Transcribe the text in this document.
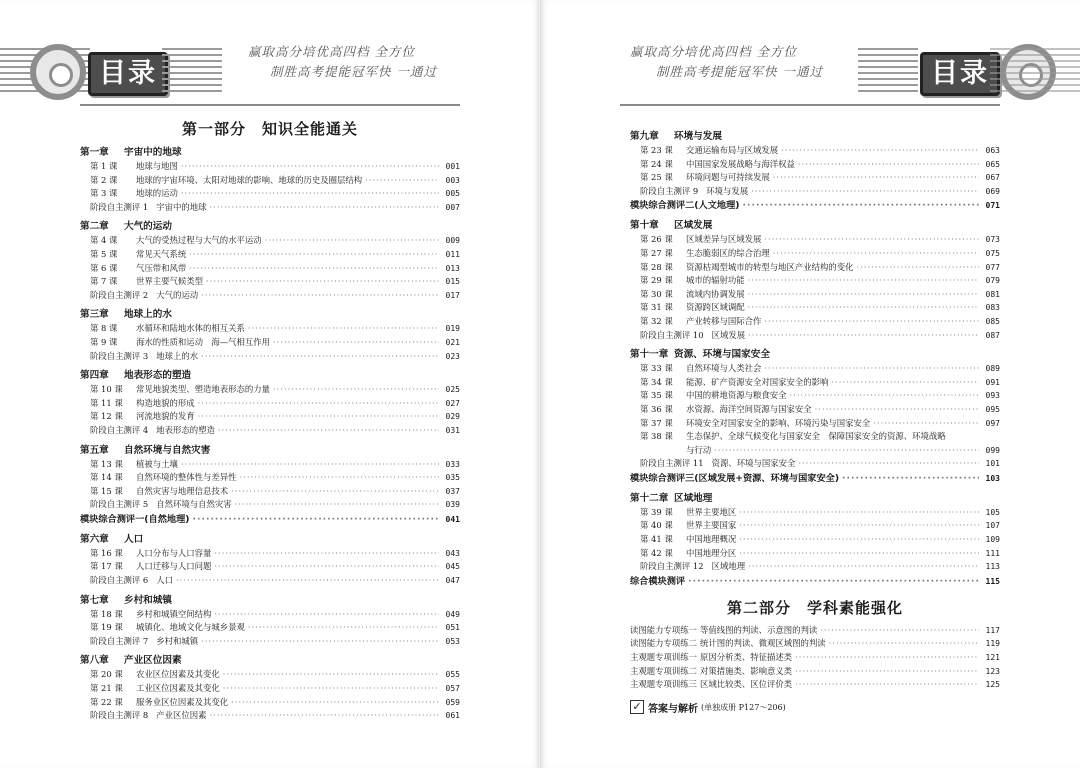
目录
赢取高分培优高四档 全方位
制胜高考提能冠军快 一通过
第一部分　知识全能通关
第一章 宇宙中的地球
第 1 课	地球与地图 ·····	001
第 2 课	地球的宇宙环境、太阳对地球的影响、地球的历史及圈层结构 ·····	003
第 3 课	地球的运动 ·····	005
阶段自主测评 1 宇宙中的地球 ·····	007
第二章 大气的运动
第 4 课	大气的受热过程与大气的水平运动 ·····	009
第 5 课	常见天气系统 ·····	011
第 6 课	气压带和风带 ·····	013
第 7 课	世界主要气候类型 ·····	015
阶段自主测评 2 大气的运动 ·····	017
第三章 地球上的水
第 8 课	水循环和陆地水体的相互关系 ·····	019
第 9 课	海水的性质和运动　海—气相互作用 ·····	021
阶段自主测评 3 地球上的水 ·····	023
第四章 地表形态的塑造
第 10 课	常见地貌类型、塑造地表形态的力量 ·····	025
第 11 课	构造地貌的形成 ·····	027
第 12 课	河流地貌的发育 ·····	029
阶段自主测评 4 地表形态的塑造 ·····	031
第五章 自然环境与自然灾害
第 13 课	植被与土壤 ·····	033
第 14 课	自然环境的整体性与差异性 ·····	035
第 15 课	自然灾害与地理信息技术 ·····	037
阶段自主测评 5 自然环境与自然灾害 ·····	039
模块综合测评一(自然地理) ·····	041
第六章 人口
第 16 课	人口分布与人口容量 ·····	043
第 17 课	人口迁移与人口问题 ·····	045
阶段自主测评 6 人口 ·····	047
第七章 乡村和城镇
第 18 课	乡村和城镇空间结构 ·····	049
第 19 课	城镇化、地域文化与城乡景观 ·····	051
阶段自主测评 7 乡村和城镇 ·····	053
第八章 产业区位因素
第 20 课	农业区位因素及其变化 ·····	055
第 21 课	工业区位因素及其变化 ·····	057
第 22 课	服务业区位因素及其变化 ·····	059
阶段自主测评 8 产业区位因素 ·····	061
赢取高分培优高四档 全方位
制胜高考提能冠军快 一通过	目录
第九章 环境与发展
第 23 课	交通运输布局与区域发展 ·····	063
第 24 课	中国国家发展战略与海洋权益 ·····	065
第 25 课	环境问题与可持续发展 ·····	067
阶段自主测评 9 环境与发展 ·····	069
模块综合测评二(人文地理) ·····	071
第十章 区域发展
第 26 课	区域差异与区域发展 ·····	073
第 27 课	生态脆弱区的综合治理 ·····	075
第 28 课	资源枯竭型城市的转型与地区产业结构的变化 ·····	077
第 29 课	城市的辐射功能 ·····	079
第 30 课	流域内协调发展 ·····	081
第 31 课	资源跨区域调配 ·····	083
第 32 课	产业转移与国际合作 ·····	085
阶段自主测评 10 区域发展 ·····	087
第十一章 资源、环境与国家安全
第 33 课	自然环境与人类社会 ·····	089
第 34 课	能源、矿产资源安全对国家安全的影响 ·····	091
第 35 课	中国的耕地资源与粮食安全 ·····	093
第 36 课	水资源、海洋空间资源与国家安全 ·····	095
第 37 课	环境安全对国家安全的影响、环境污染与国家安全 ·····	097
第 38 课	生态保护、全球气候变化与国家安全　保障国家安全的资源、环境战略
与行动 ·····	099
阶段自主测评 11 资源、环境与国家安全 ·····	101
模块综合测评三(区域发展+资源、环境与国家安全) ·····	103
第十二章 区域地理
第 39 课	世界主要地区 ·····	105
第 40 课	世界主要国家 ·····	107
第 41 课	中国地理概况 ·····	109
第 42 课	中国地理分区 ·····	111
阶段自主测评 12 区域地理 ·····	113
综合模块测评 ·····	115
第二部分　学科素能强化
读图能力专项练一 等值线图的判读、示意图的判读 ·····	117
读图能力专项练二 统计图的判读、微观区域图的判读 ·····	119
主观题专项训练一 原因分析类、特征描述类 ·····	121
主观题专项训练二 对策措施类、影响意义类 ·····	123
主观题专项训练三 区域比较类、区位评价类 ·····	125
✓ 答案与解析 (单独成册 P127～206)
